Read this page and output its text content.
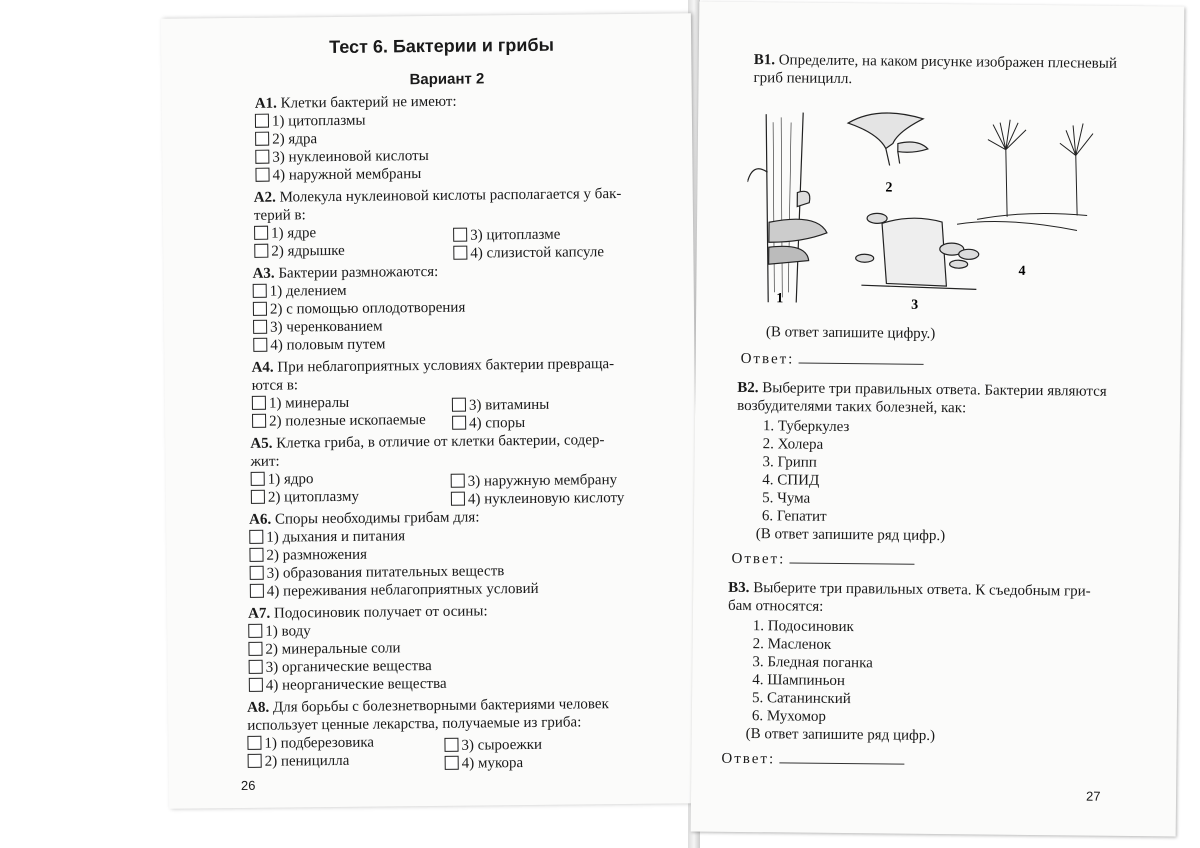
Тест 6. Бактерии и грибы
Вариант 2
A1. Клетки бактерий не имеют:
1) цитоплазмы
2) ядра
3) нуклеиновой кислоты
4) наружной мембраны
A2. Молекула нуклеиновой кислоты располагается у бак-
терий в:
1) ядре	3) цитоплазме
2) ядрышке	4) слизистой капсуле
A3. Бактерии размножаются:
1) делением
2) с помощью оплодотворения
3) черенкованием
4) половым путем
A4. При неблагоприятных условиях бактерии превраща-
ются в:
1) минералы	3) витамины
2) полезные ископаемые	4) споры
A5. Клетка гриба, в отличие от клетки бактерии, содер-
жит:
1) ядро	3) наружную мембрану
2) цитоплазму	4) нуклеиновую кислоту
A6. Споры необходимы грибам для:
1) дыхания и питания
2) размножения
3) образования питательных веществ
4) переживания неблагоприятных условий
A7. Подосиновик получает от осины:
1) воду
2) минеральные соли
3) органические вещества
4) неорганические вещества
A8. Для борьбы с болезнетворными бактериями человек
использует ценные лекарства, получаемые из гриба:
1) подберезовика	3) сыроежки
2) пеницилла	4) мукора
26
B1. Определите, на каком рисунке изображен плесневый
гриб пеницилл.
1
2
3
4
(В ответ запишите цифру.)
Ответ:
B2. Выберите три правильных ответа. Бактерии являются
возбудителями таких болезней, как:
1. Туберкулез
2. Холера
3. Грипп
4. СПИД
5. Чума
6. Гепатит
(В ответ запишите ряд цифр.)
Ответ:
B3. Выберите три правильных ответа. К съедобным гри-
бам относятся:
1. Подосиновик
2. Масленок
3. Бледная поганка
4. Шампиньон
5. Сатанинский
6. Мухомор
(В ответ запишите ряд цифр.)
Ответ:
27
